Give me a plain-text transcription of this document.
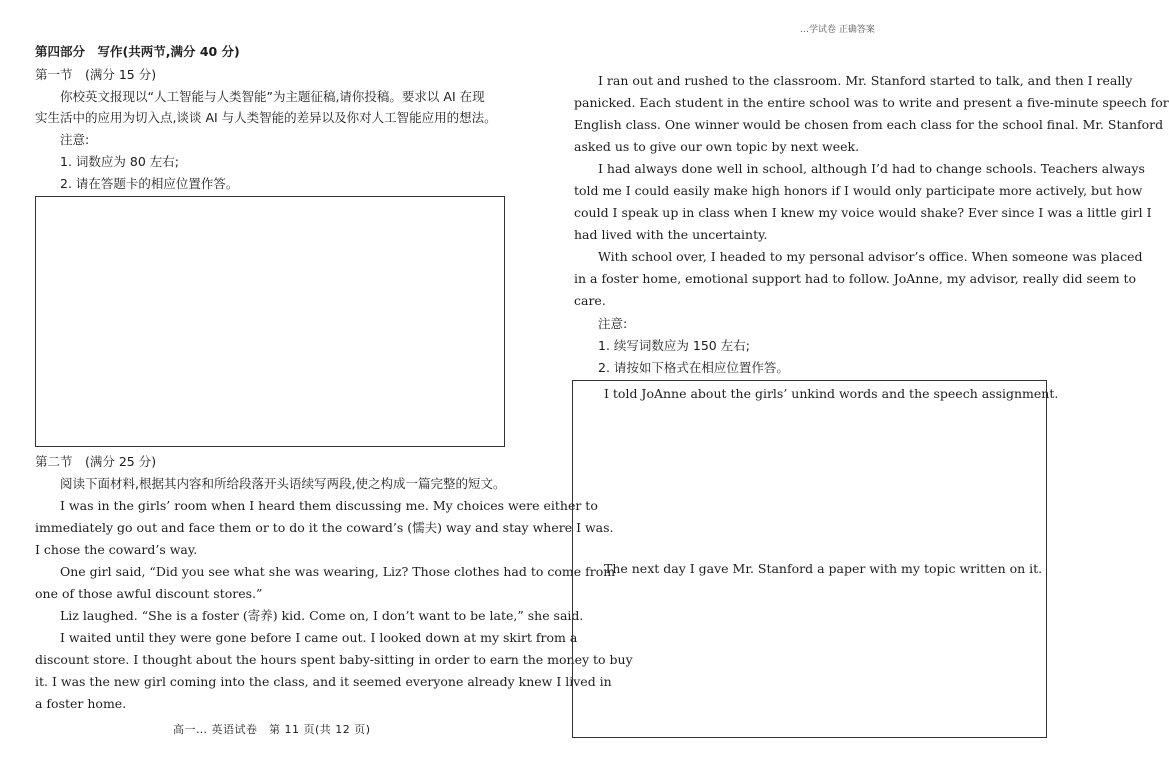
…学试卷 正确答案
第四部分　写作(共两节,满分 40 分)
第一节　(满分 15 分)
你校英文报现以“人工智能与人类智能”为主题征稿,请你投稿。要求以 AI 在现
实生活中的应用为切入点,谈谈 AI 与人类智能的差异以及你对人工智能应用的想法。
注意:
1. 词数应为 80 左右;
2. 请在答题卡的相应位置作答。
第二节　(满分 25 分)
阅读下面材料,根据其内容和所给段落开头语续写两段,使之构成一篇完整的短文。
I was in the girls’ room when I heard them discussing me. My choices were either to
immediately go out and face them or to do it the coward’s (懦夫) way and stay where I was.
I chose the coward’s way.
One girl said, “Did you see what she was wearing, Liz? Those clothes had to come from
one of those awful discount stores.”
Liz laughed. “She is a foster (寄养) kid. Come on, I don’t want to be late,” she said.
I waited until they were gone before I came out. I looked down at my skirt from a
discount store. I thought about the hours spent baby-sitting in order to earn the money to buy
it. I was the new girl coming into the class, and it seemed everyone already knew I lived in
a foster home.
高一… 英语试卷　第 11 页(共 12 页)
I ran out and rushed to the classroom. Mr. Stanford started to talk, and then I really
panicked. Each student in the entire school was to write and present a five-minute speech for
English class. One winner would be chosen from each class for the school final. Mr. Stanford
asked us to give our own topic by next week.
I had always done well in school, although I’d had to change schools. Teachers always
told me I could easily make high honors if I would only participate more actively, but how
could I speak up in class when I knew my voice would shake? Ever since I was a little girl I
had lived with the uncertainty.
With school over, I headed to my personal advisor’s office. When someone was placed
in a foster home, emotional support had to follow. JoAnne, my advisor, really did seem to
care.
注意:
1. 续写词数应为 150 左右;
2. 请按如下格式在相应位置作答。
I told JoAnne about the girls’ unkind words and the speech assignment.
The next day I gave Mr. Stanford a paper with my topic written on it.
